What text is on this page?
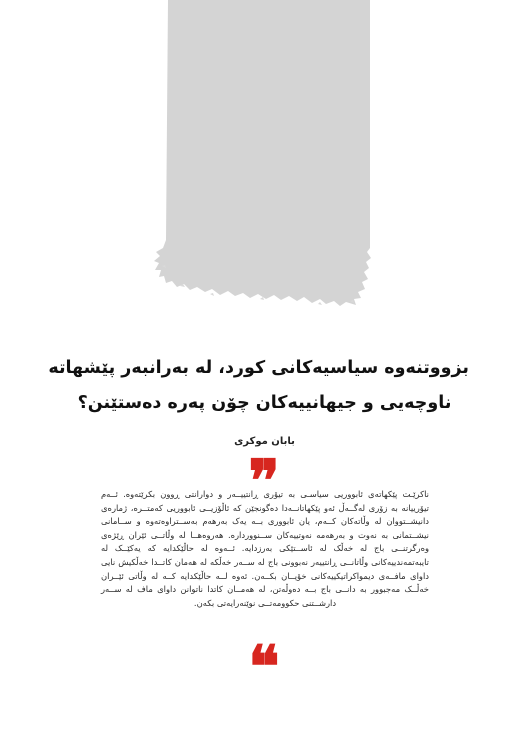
بزووتنەوە سیاسیەکانی کورد، لە بەرانبەر پێشهاتە
ناوچەیی و جیهانییەکان چۆن پەرە دەستێنن؟
بابان موکری
❞

ناکرێـت پێکهاتەی ئابووریی سیاسـی بە تیۆری ڕانتییــەر و دوارانتی ڕوون بکرێتەوە. ئــەم تیۆرییانە بە زۆری لەگــەڵ ئەو پێکهاتانــەدا دەگونجێن کە ئاڵۆزیــی ئابووریی کەمتــرە، ژمارەی دانیشــتووان لە وڵاتەکان کــەم، یان ئابووری بــە یەک بەرهەم بەســتراوەتەوە و ســامانی نیشــتمانی بە نەوت و بەرهەمە نەوتییەکان ســنووردارە. هەروەهــا لە وڵاتــی ئێران ڕێژەی وەرگرتنــی باج لە خەڵک لە ئاســتێکی بەرزدایە. ئــەوە لە حاڵێکدایە کە یەکێــک لە تایبەتمەندییەکانی وڵاتانــی ڕانتییەر نەبوونی باج لە ســەر خەڵکە لە هەمان کاتــدا خەڵکیش نایی داوای مافــەی دیمواکراتیکییەکانی خۆیــان بکــەن. ئەوە لــە حاڵێکدایە کــە لە وڵاتی ئێــران خەڵــک مەجبوور بە دانــی باج بــە دەوڵەتن، لە هەمــان کاتدا ناتوانن داوای ماف لە ســەر دارشــتنی حکوومەتــی نوێنەرایەتی بکەن.

❝
